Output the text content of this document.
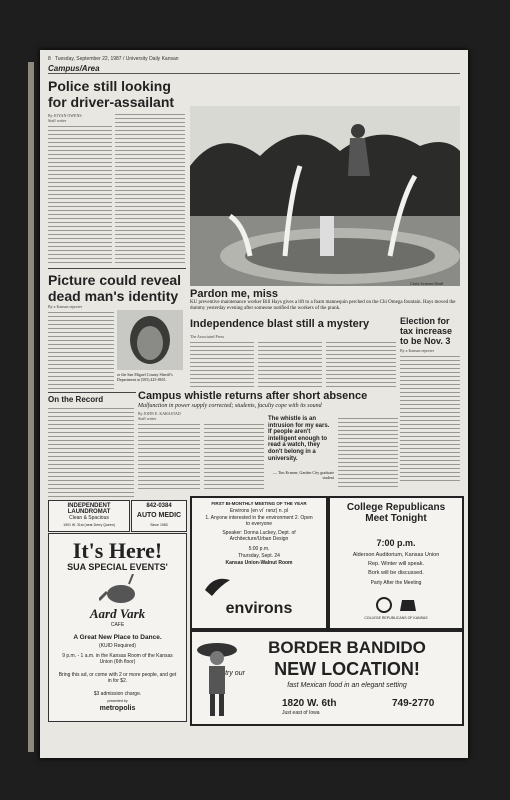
8 Tuesday, September 22, 1987 / University Daily Kansan
Campus/Area
Police still looking for driver-assailant
By JOYAN OWENS
Staff writer
Chris Kramer/Staff
Pardon me, miss
KU preventive maintenance worker Bill Hays gives a lift to a foam mannequin perched on the Chi Omega fountain. Hays moved the dummy yesterday evening after someone notified the workers of the prank.
Picture could reveal dead man's identity
By a Kansan reporter
or the San Miguel County Sheriff's Department at (505) 425-8651.
On the Record
Independence blast still a mystery
The Associated Press
Election for tax increase to be Nov. 3
By a Kansan reporter
Campus whistle returns after short absence
Malfunction in power supply corrected; students, faculty cope with its sound
By JOHN E. KARASTAD
Staff writer	The whistle is an intrusion for my ears. If people aren't intelligent enough to read a watch, they don't belong in a university.
— Tim Kramer, Garden City graduate student
INDEPENDENT LAUNDROMAT
Clean & Spacious
1901 W. 31st (near Derry Queen)
842-0384
AUTO MEDIC
Since 1983
It's Here!
SUA SPECIAL EVENTS'
Aard Vark
CAFE
A Great New Place to Dance.
(KUID Required)
9 p.m. - 1 a.m. in the Kansas Room of the Kansas Union (6th floor)
Bring this ad, or come with 2 or more people, and get in for $2.
$3 admission charge.
presented by
metropolis
FIRST BI-MONTHLY MEETING OF THE YEAR
Environs (en vi´ rənz) n. pl
1. Anyone interested in the environment 2. Open to everyone
Speaker: Donna Luckey, Dept. of Architecture/Urban Design
5:00 p.m.
Thursday, Sept. 24
Kansas Union-Walnut Room
environs
College Republicans Meet Tonight
7:00 p.m.
Alderson Auditorium, Kansas Union
Rep. Winter will speak.
Bork will be discussed.
Party After the Meeting
COLLEGE REPUBLICANS OF KANSAS
BORDER BANDIDO
try our	NEW LOCATION!
fast Mexican food in an elegant setting
1820 W. 6th
Just east of Iowa
749-2770
